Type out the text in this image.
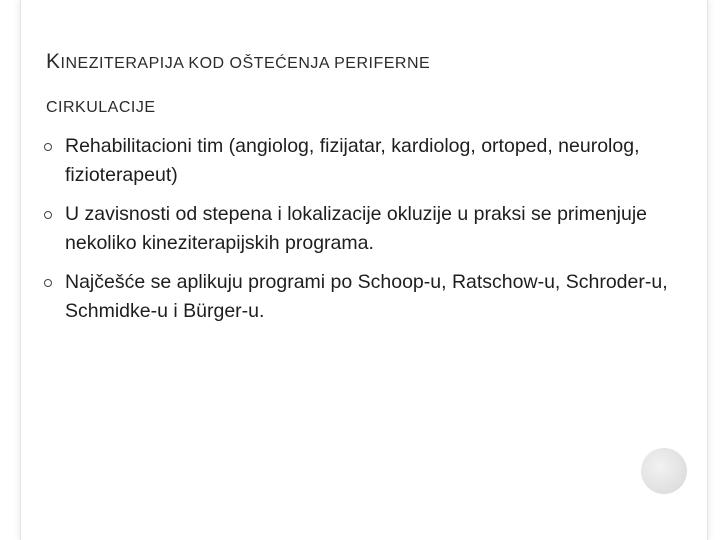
KINEZITERAPIJA KOD OŠTEĆENJA PERIFERNE
CIRKULACIJE
Rehabilitacioni tim (angiolog, fizijatar, kardiolog, ortoped, neurolog, fizioterapeut)
U zavisnosti od stepena i lokalizacije okluzije u praksi se primenjuje nekoliko kineziterapijskih programa.
Najčešće se aplikuju programi po Schoop-u, Ratschow-u, Schroder-u, Schmidke-u i Bürger-u.
